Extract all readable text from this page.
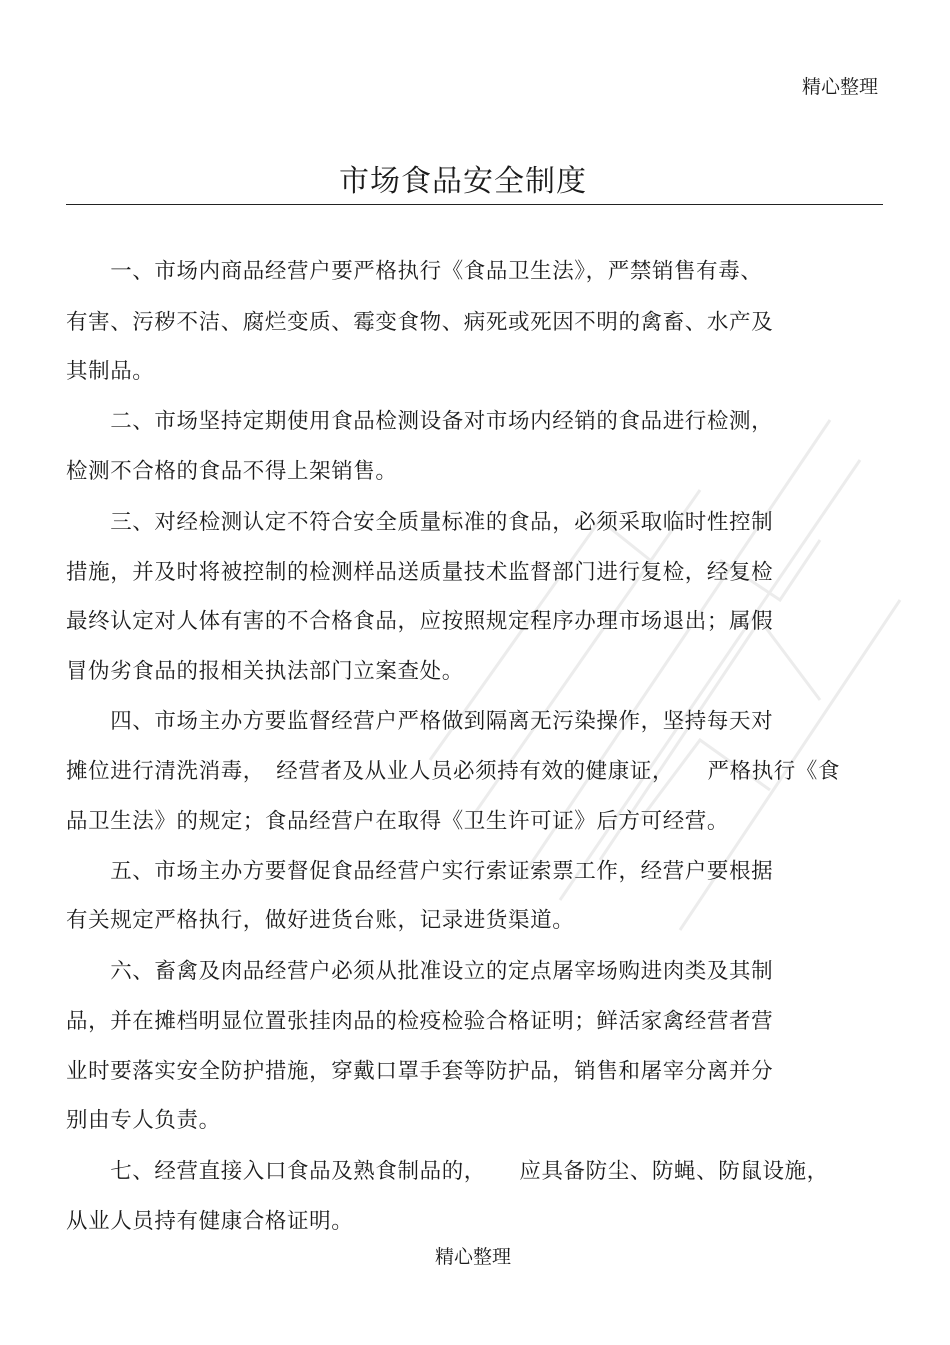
精心整理
市场食品安全制度
　　一、市场内商品经营户要严格执行《食品卫生法》，严禁销售有毒、
有害、污秽不洁、腐烂变质、霉变食物、病死或死因不明的禽畜、水产及
其制品。
　　二、市场坚持定期使用食品检测设备对市场内经销的食品进行检测，
检测不合格的食品不得上架销售。
　　三、对经检测认定不符合安全质量标准的食品，必须采取临时性控制
措施，并及时将被控制的检测样品送质量技术监督部门进行复检，经复检
最终认定对人体有害的不合格食品，应按照规定程序办理市场退出；属假
冒伪劣食品的报相关执法部门立案查处。
　　四、市场主办方要监督经营户严格做到隔离无污染操作，坚持每天对
摊位进行清洗消毒，　经营者及从业人员必须持有效的健康证，　　严格执行《食
品卫生法》的规定；食品经营户在取得《卫生许可证》后方可经营。
　　五、市场主办方要督促食品经营户实行索证索票工作，经营户要根据
有关规定严格执行，做好进货台账，记录进货渠道。
　　六、畜禽及肉品经营户必须从批准设立的定点屠宰场购进肉类及其制
品，并在摊档明显位置张挂肉品的检疫检验合格证明；鲜活家禽经营者营
业时要落实安全防护措施，穿戴口罩手套等防护品，销售和屠宰分离并分
别由专人负责。
　　七、经营直接入口食品及熟食制品的，　　应具备防尘、防蝇、防鼠设施，
从业人员持有健康合格证明。
精心整理
